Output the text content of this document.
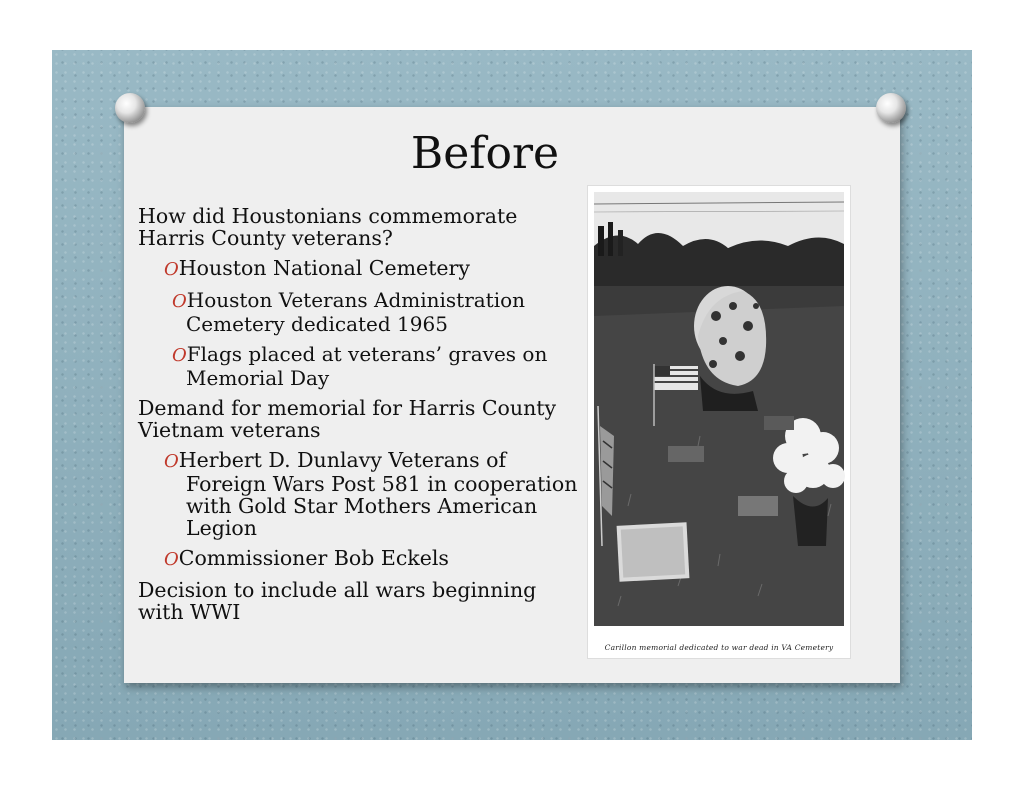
Before
How did Houstonians commemorate Harris County veterans?
OHouston National Cemetery
OHouston Veterans Administration Cemetery dedicated 1965
OFlags placed at veterans’ graves on Memorial Day
Demand for memorial for Harris County Vietnam veterans
OHerbert D. Dunlavy Veterans of Foreign Wars Post 581 in cooperation with Gold Star Mothers American Legion
OCommissioner Bob Eckels
Decision to include all wars beginning with WWI
Carillon memorial dedicated to war dead in VA Cemetery
